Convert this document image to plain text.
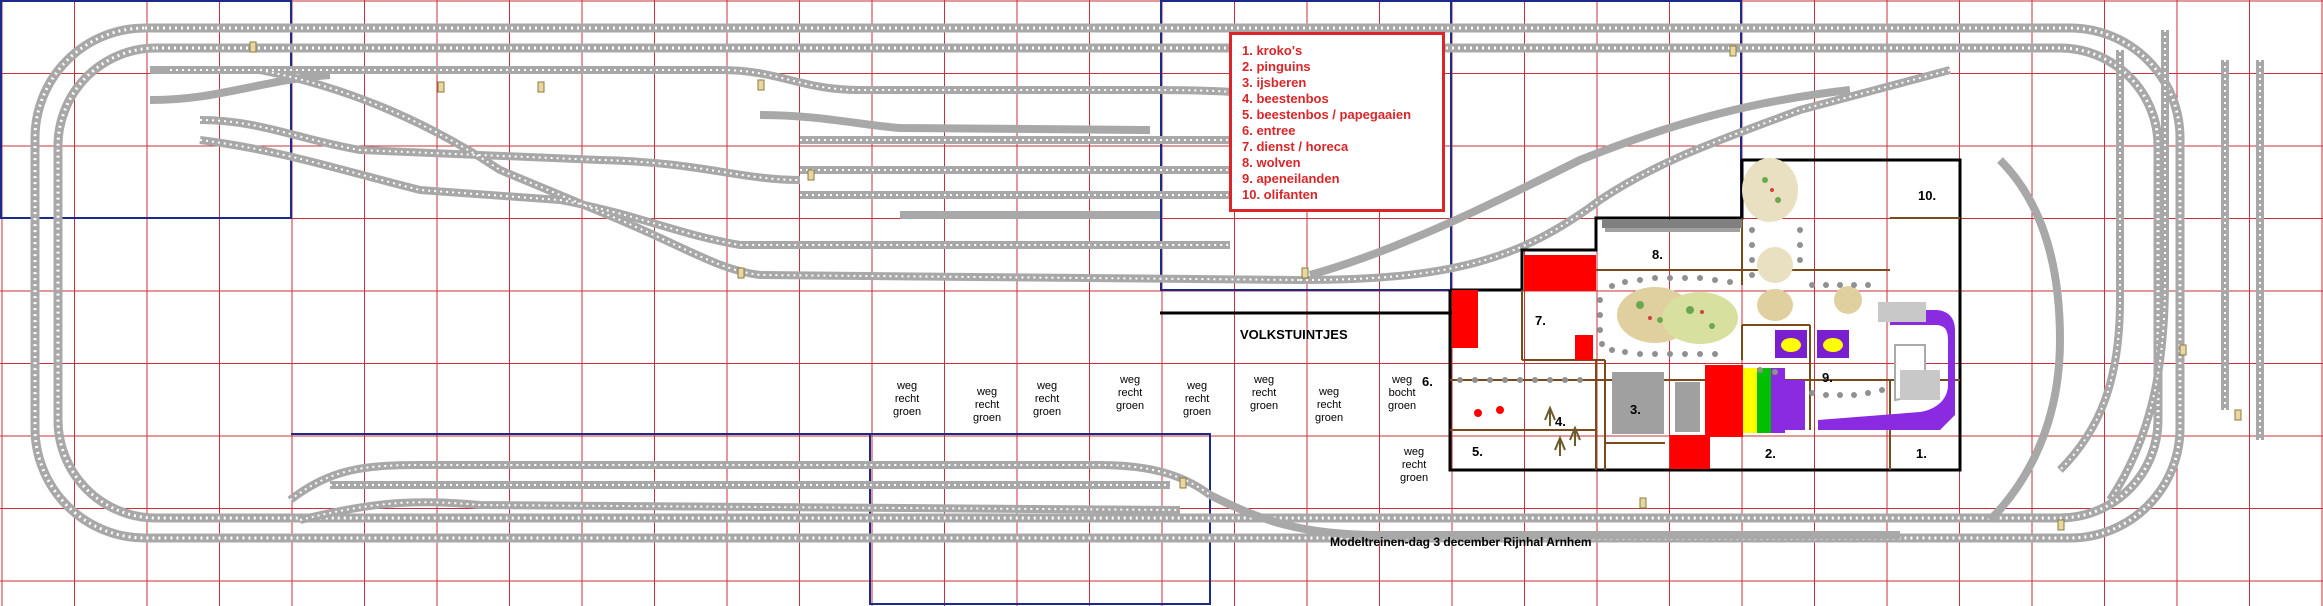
1. kroko's
2. pinguins
3. ijsberen
4. beestenbos
5. beestenbos / papegaaien
6. entree
7. dienst / horeca
8. wolven
9. apeneilanden
10. olifanten
VOLKSTUINTJES
Modeltreinen-dag 3 december Rijnhal Arnhem
10.
8.
7.
6.	9.
3.
4.
5.	2.	1.
weg
recht
groen
weg
recht
groen
weg
recht
groen
weg
recht
groen
weg
recht
groen
weg
recht
groen
weg
recht
groen
weg
bocht
groen
weg
recht
groen
